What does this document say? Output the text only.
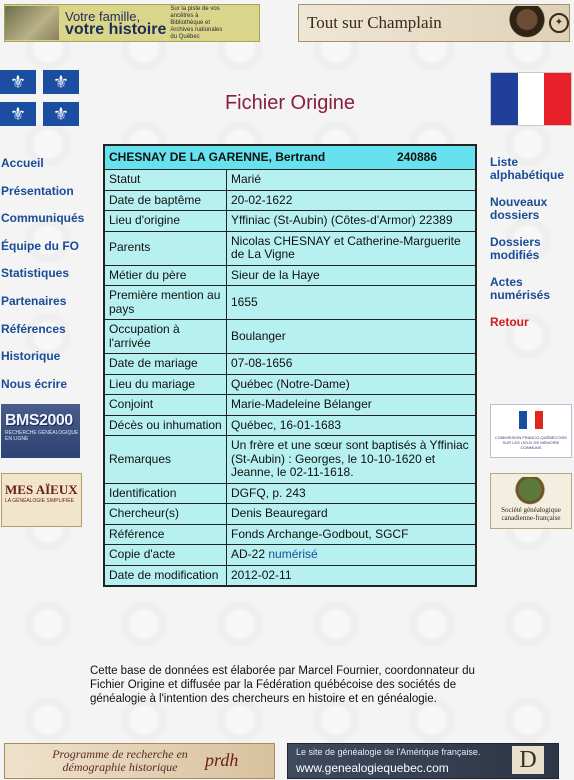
Votre famille,
votre histoire
Sur la piste de vos ancêtres à Bibliothèque et Archives nationales du Québec
Tout sur Champlain	✦
⚜	⚜
⚜	⚜	Fichier Origine
Accueil
Présentation
Communiqués
Équipe du FO
Statistiques
Partenaires
Références
Historique
Nous écrire
Liste alphabétique
Nouveaux dossiers
Dossiers modifiés
Actes numérisés
Retour
BMS2000
RECHERCHE GÉNÉALOGIQUE EN LIGNE
MES AÏEUX
LA GÉNÉALOGIE SIMPLIFIÉE
COMMISSION FRANCO-QUÉBÉCOISE SUR LES LIEUX DE MÉMOIRE COMMUNS
Société généalogique canadienne-française
CHESNAY DE LA GARENNE, Bertrand 240886	

Statut	Marié
Date de baptême	20-02-1622
Lieu d'origine	Yffiniac (St-Aubin) (Côtes-d'Armor) 22389
Parents	Nicolas CHESNAY et Catherine-Marguerite de La Vigne
Métier du père	Sieur de la Haye
Première mention au pays	1655
Occupation à l'arrivée	Boulanger
Date de mariage	07-08-1656
Lieu du mariage	Québec (Notre-Dame)
Conjoint	Marie-Madeleine Bélanger
Décès ou inhumation	Québec, 16-01-1683
Remarques	Un frère et une sœur sont baptisés à Yffiniac (St-Aubin) : Georges, le 10-10-1620 et Jeanne, le 02-11-1618.
Identification	DGFQ, p. 243
Chercheur(s)	Denis Beauregard
Référence	Fonds Archange-Godbout, SGCF
Copie d'acte	AD-22 numérisé
Date de modification	2012-02-11
Cette base de données est élaborée par Marcel Fournier, coordonnateur du Fichier Origine et diffusée par la Fédération québécoise des sociétés de généalogie à l'intention des chercheurs en histoire et en généalogie.
Programme de recherche en démographie historique	prdh	Le site de généalogie de l'Amérique française.
www.genealogiequebec.com	D
